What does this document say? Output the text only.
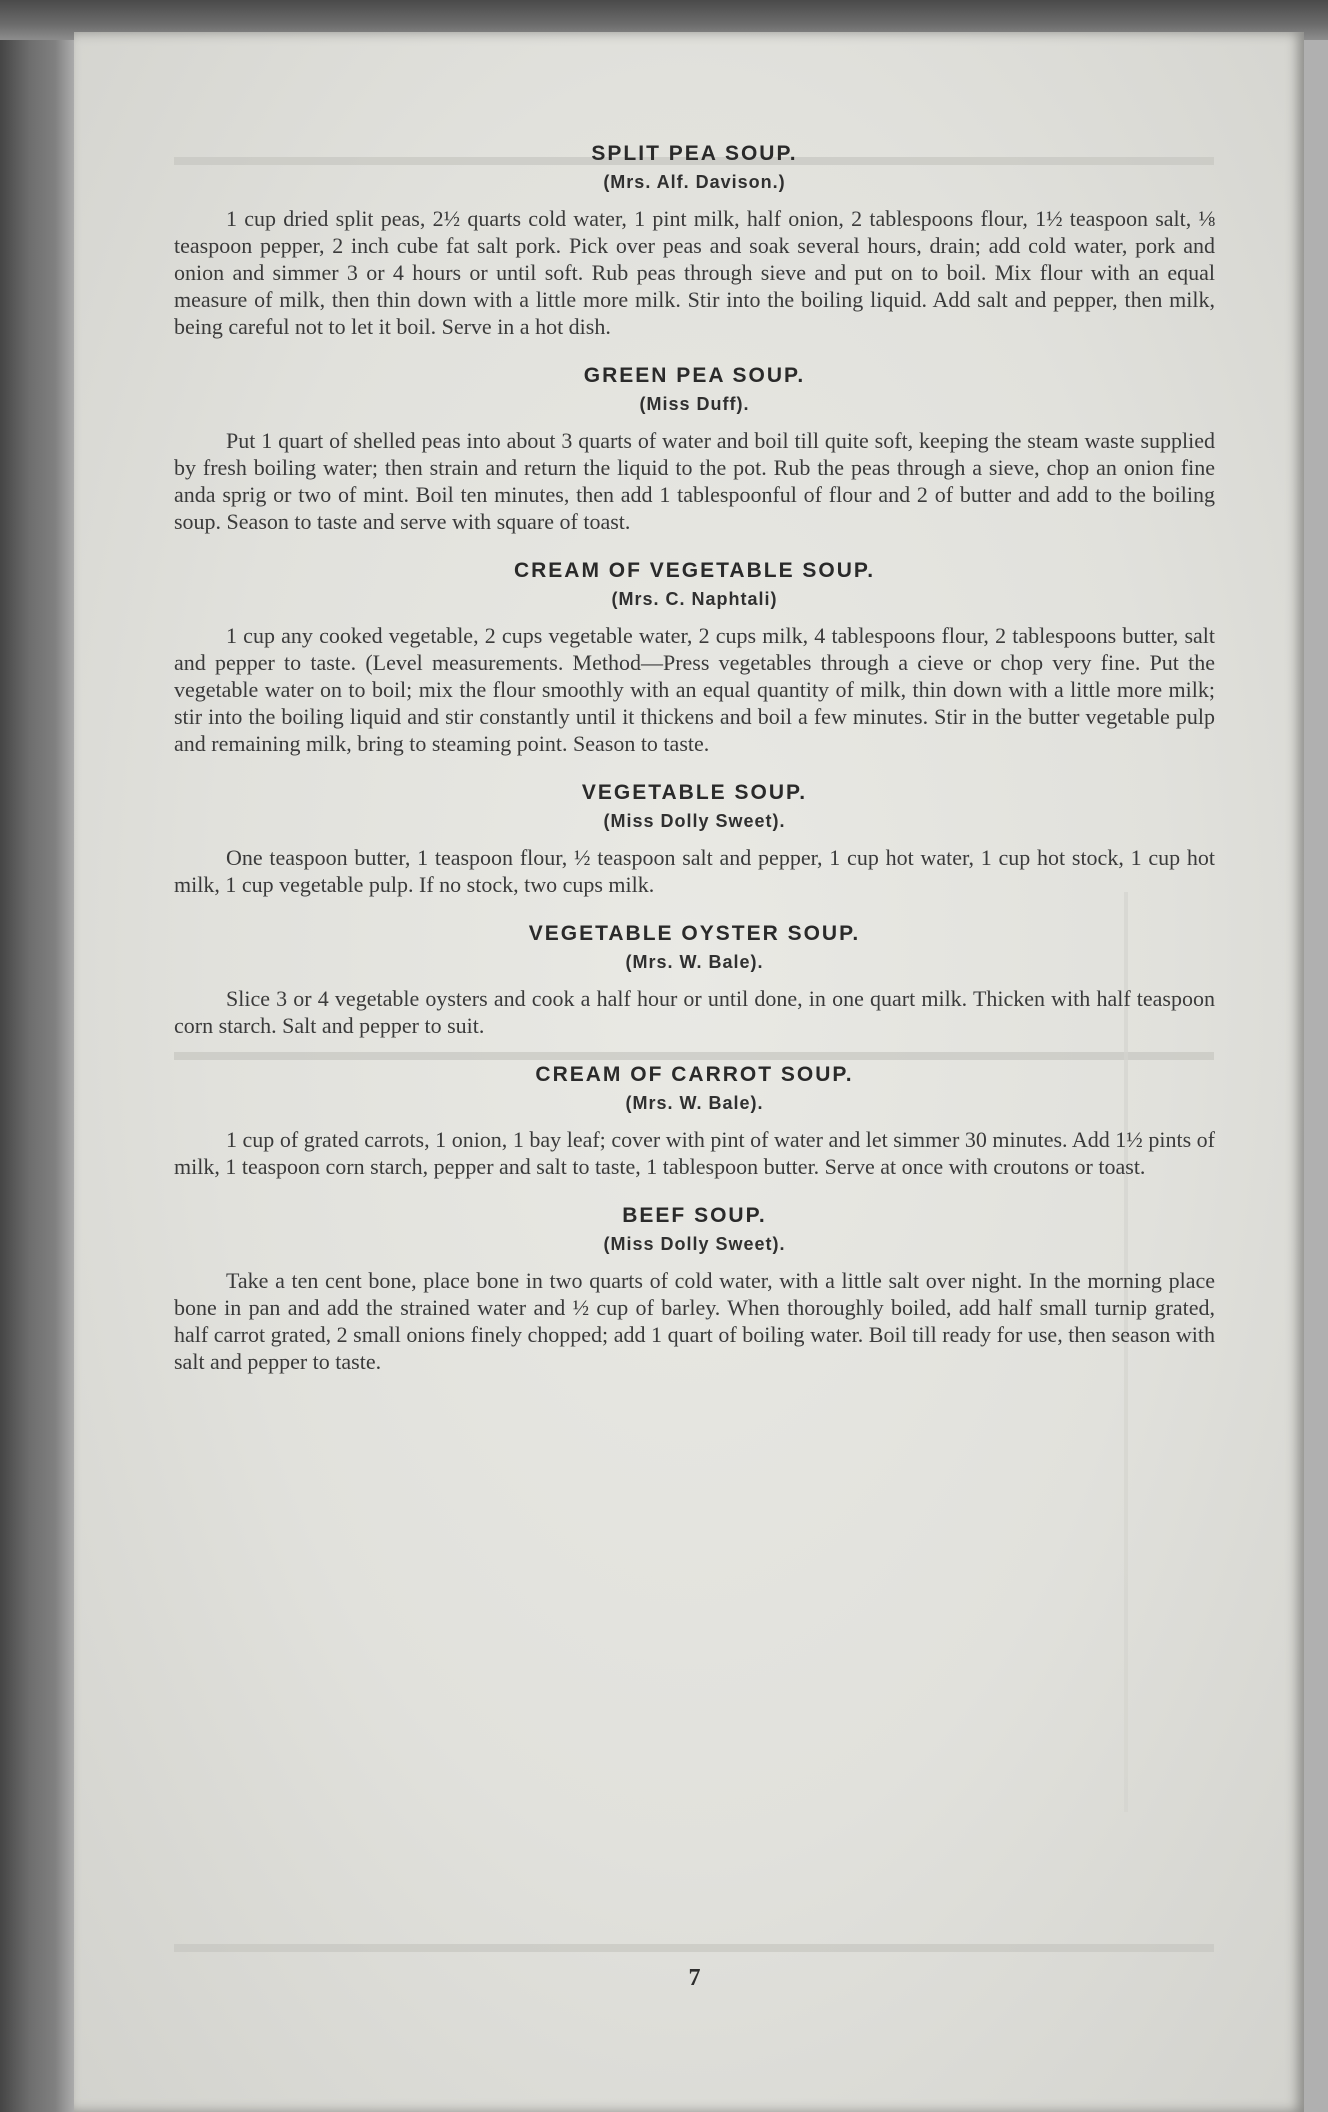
SPLIT PEA SOUP.
(Mrs. Alf. Davison.)

1 cup dried split peas, 2½ quarts cold water, 1 pint milk, half onion, 2 tablespoons flour, 1½ teaspoon salt, ⅛ teaspoon pepper, 2 inch cube fat salt pork. Pick over peas and soak several hours, drain; add cold water, pork and onion and simmer 3 or 4 hours or until soft. Rub peas through sieve and put on to boil. Mix flour with an equal measure of milk, then thin down with a little more milk. Stir into the boiling liquid. Add salt and pepper, then milk, being careful not to let it boil. Serve in a hot dish.

GREEN PEA SOUP.
(Miss Duff).

Put 1 quart of shelled peas into about 3 quarts of water and boil till quite soft, keeping the steam waste supplied by fresh boiling water; then strain and return the liquid to the pot. Rub the peas through a sieve, chop an onion fine anda sprig or two of mint. Boil ten minutes, then add 1 tablespoonful of flour and 2 of butter and add to the boiling soup. Season to taste and serve with square of toast.

CREAM OF VEGETABLE SOUP.
(Mrs. C. Naphtali)

1 cup any cooked vegetable, 2 cups vegetable water, 2 cups milk, 4 tablespoons flour, 2 tablespoons butter, salt and pepper to taste. (Level measurements. Method—Press vegetables through a cieve or chop very fine. Put the vegetable water on to boil; mix the flour smoothly with an equal quantity of milk, thin down with a little more milk; stir into the boiling liquid and stir constantly until it thickens and boil a few minutes. Stir in the butter vegetable pulp and remaining milk, bring to steaming point. Season to taste.

VEGETABLE SOUP.
(Miss Dolly Sweet).

One teaspoon butter, 1 teaspoon flour, ½ teaspoon salt and pepper, 1 cup hot water, 1 cup hot stock, 1 cup hot milk, 1 cup vegetable pulp. If no stock, two cups milk.

VEGETABLE OYSTER SOUP.
(Mrs. W. Bale).

Slice 3 or 4 vegetable oysters and cook a half hour or until done, in one quart milk. Thicken with half teaspoon corn starch. Salt and pepper to suit.

CREAM OF CARROT SOUP.
(Mrs. W. Bale).

1 cup of grated carrots, 1 onion, 1 bay leaf; cover with pint of water and let simmer 30 minutes. Add 1½ pints of milk, 1 teaspoon corn starch, pepper and salt to taste, 1 tablespoon butter. Serve at once with croutons or toast.

BEEF SOUP.
(Miss Dolly Sweet).

Take a ten cent bone, place bone in two quarts of cold water, with a little salt over night. In the morning place bone in pan and add the strained water and ½ cup of barley. When thoroughly boiled, add half small turnip grated, half carrot grated, 2 small onions finely chopped; add 1 quart of boiling water. Boil till ready for use, then season with salt and pepper to taste.

7
